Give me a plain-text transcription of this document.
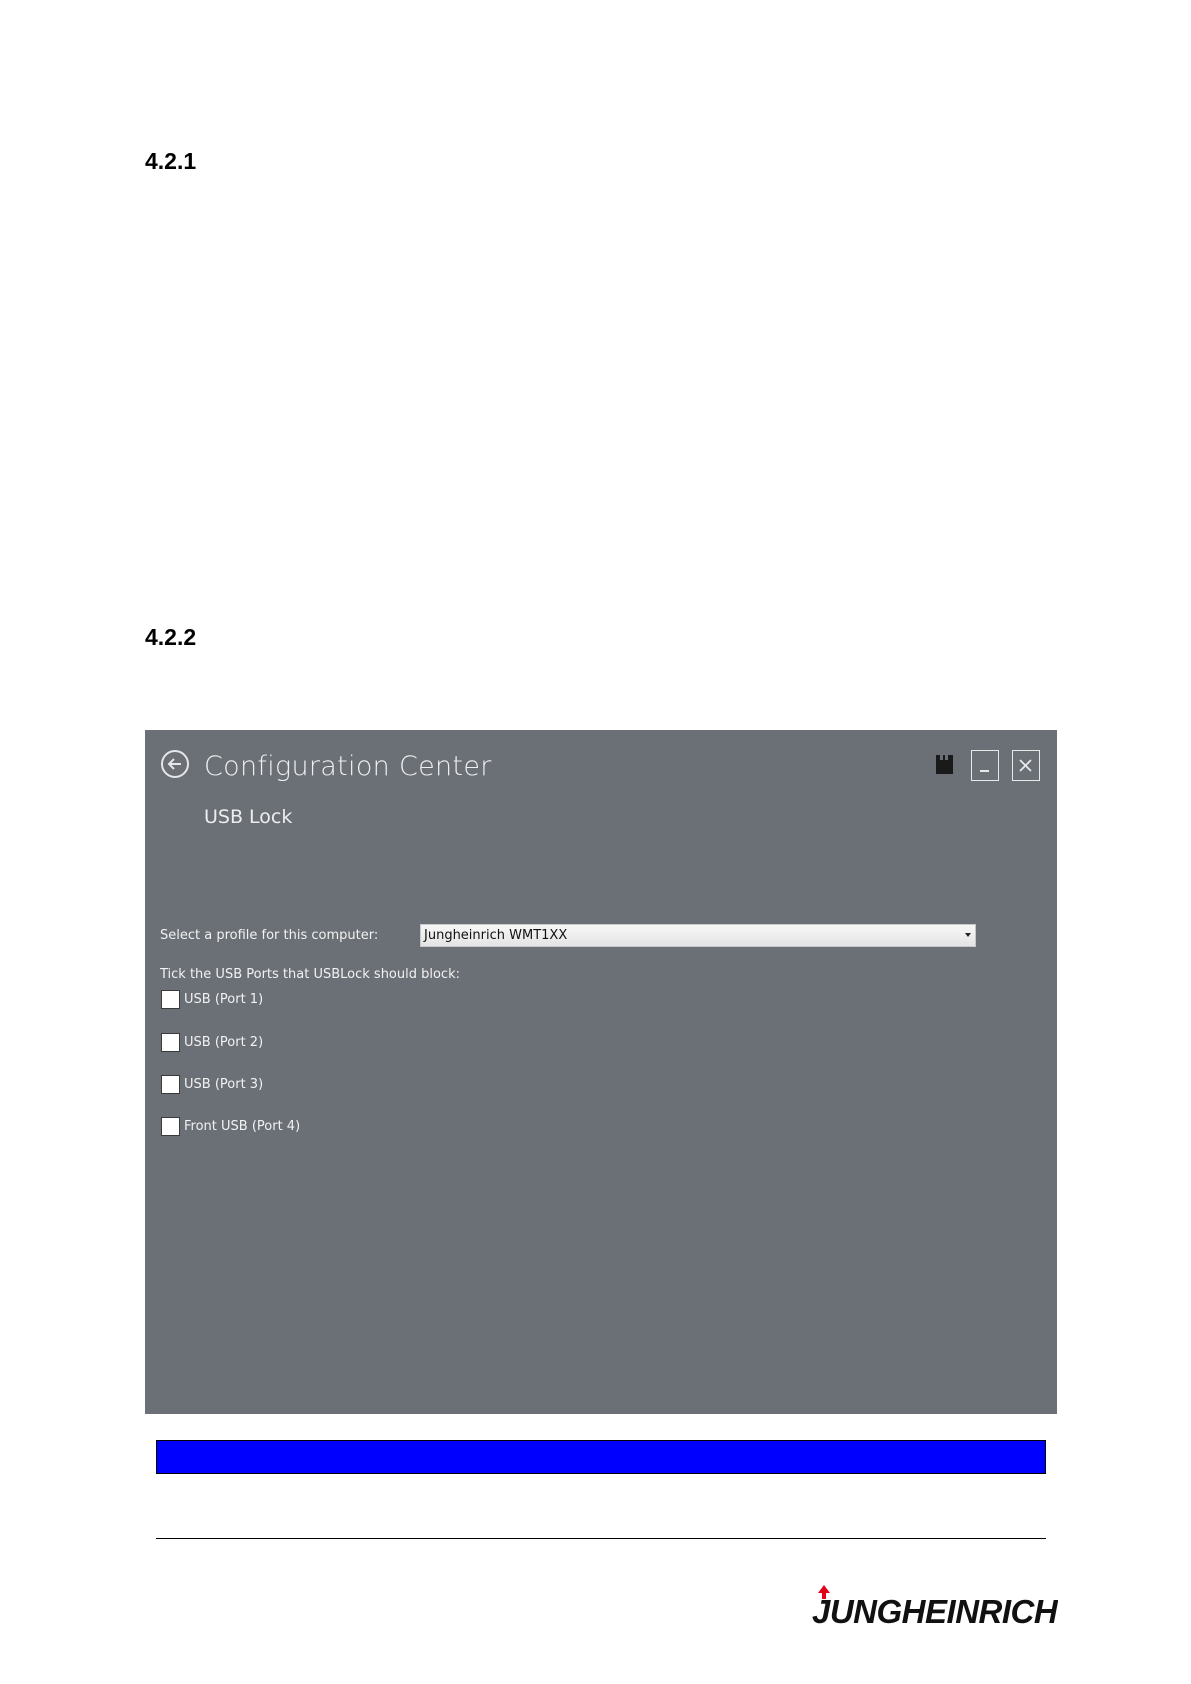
4.2.1
4.2.2
Configuration Center
USB Lock
Select a profile for this computer:	Jungheinrich WMT1XX
Tick the USB Ports that USBLock should block:
USB (Port 1)
USB (Port 2)
USB (Port 3)
Front USB (Port 4)
JUNGHEINRICH
